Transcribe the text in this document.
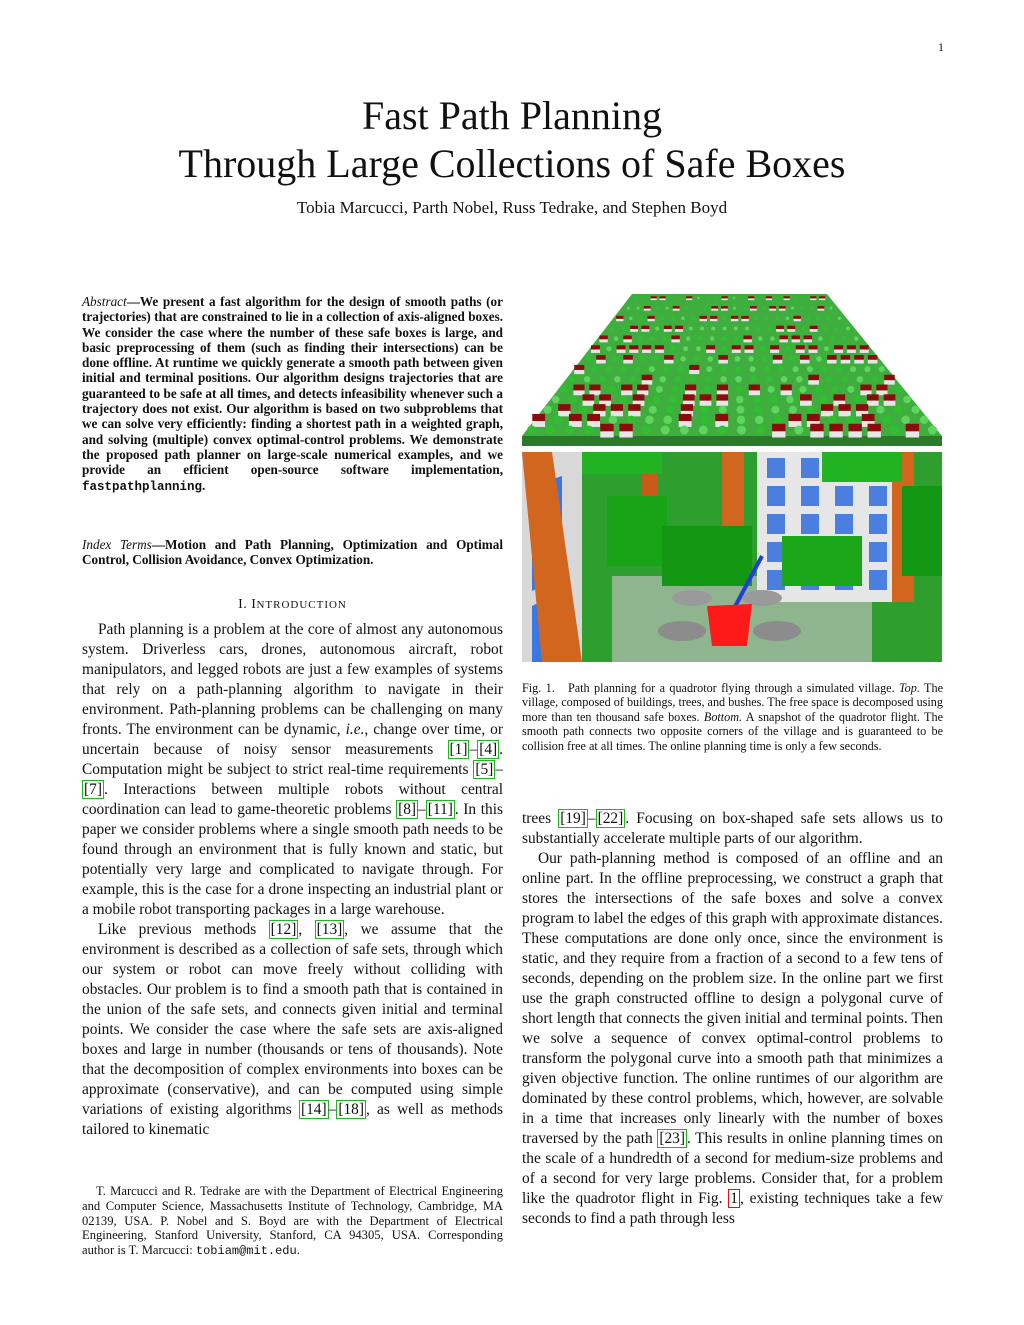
1
Fast Path Planning
Through Large Collections of Safe Boxes
Tobia Marcucci, Parth Nobel, Russ Tedrake, and Stephen Boyd
Abstract—We present a fast algorithm for the design of smooth paths (or trajectories) that are constrained to lie in a collection of axis-aligned boxes. We consider the case where the number of these safe boxes is large, and basic preprocessing of them (such as finding their intersections) can be done offline. At runtime we quickly generate a smooth path between given initial and terminal positions. Our algorithm designs trajectories that are guaranteed to be safe at all times, and detects infeasibility whenever such a trajectory does not exist. Our algorithm is based on two subproblems that we can solve very efficiently: finding a shortest path in a weighted graph, and solving (multiple) convex optimal-control problems. We demonstrate the proposed path planner on large-scale numerical examples, and we provide an efficient open-source software implementation, fastpathplanning.
Index Terms—Motion and Path Planning, Optimization and Optimal Control, Collision Avoidance, Convex Optimization.
I. INTRODUCTION

Path planning is a problem at the core of almost any autonomous system. Driverless cars, drones, autonomous aircraft, robot manipulators, and legged robots are just a few examples of systems that rely on a path-planning algorithm to navigate in their environment. Path-planning problems can be challenging on many fronts. The environment can be dynamic, i.e., change over time, or uncertain because of noisy sensor measurements [1] – [4] . Computation might be subject to strict real-time requirements [5] –[7] . Interactions between multiple robots without central coordination can lead to game-theoretic problems [8] – [11] . In this paper we consider problems where a single smooth path needs to be found through an environment that is fully known and static, but potentially very large and complicated to navigate through. For example, this is the case for a drone inspecting an industrial plant or a mobile robot transporting packages in a large warehouse.

Like previous methods [12] , [13] , we assume that the environment is described as a collection of safe sets, through which our system or robot can move freely without colliding with obstacles. Our problem is to find a smooth path that is contained in the union of the safe sets, and connects given initial and terminal points. We consider the case where the safe sets are axis-aligned boxes and large in number (thousands or tens of thousands). Note that the decomposition of complex environments into boxes can be approximate (conservative), and can be computed using simple variations of existing algorithms [14] – [18] , as well as methods tailored to kinematic

T. Marcucci and R. Tedrake are with the Department of Electrical Engineering and Computer Science, Massachusetts Institute of Technology, Cambridge, MA 02139, USA. P. Nobel and S. Boyd are with the Department of Electrical Engineering, Stanford University, Stanford, CA 94305, USA. Corresponding author is T. Marcucci: tobiam@mit.edu.

Fig. 1. Path planning for a quadrotor flying through a simulated village. Top. The village, composed of buildings, trees, and bushes. The free space is decomposed using more than ten thousand safe boxes. Bottom. A snapshot of the quadrotor flight. The smooth path connects two opposite corners of the village and is guaranteed to be collision free at all times. The online planning time is only a few seconds.

trees [19] – [22] . Focusing on box-shaped safe sets allows us to substantially accelerate multiple parts of our algorithm.

Our path-planning method is composed of an offline and an online part. In the offline preprocessing, we construct a graph that stores the intersections of the safe boxes and solve a convex program to label the edges of this graph with approximate distances. These computations are done only once, since the environment is static, and they require from a fraction of a second to a few tens of seconds, depending on the problem size. In the online part we first use the graph constructed offline to design a polygonal curve of short length that connects the given initial and terminal points. Then we solve a sequence of convex optimal-control problems to transform the polygonal curve into a smooth path that minimizes a given objective function. The online runtimes of our algorithm are dominated by these control problems, which, however, are solvable in a time that increases only linearly with the number of boxes traversed by the path [23] . This results in online planning times on the scale of a hundredth of a second for medium-size problems and of a second for very large problems. Consider that, for a problem like the quadrotor flight in Fig. 1 , existing techniques take a few seconds to find a path through less
